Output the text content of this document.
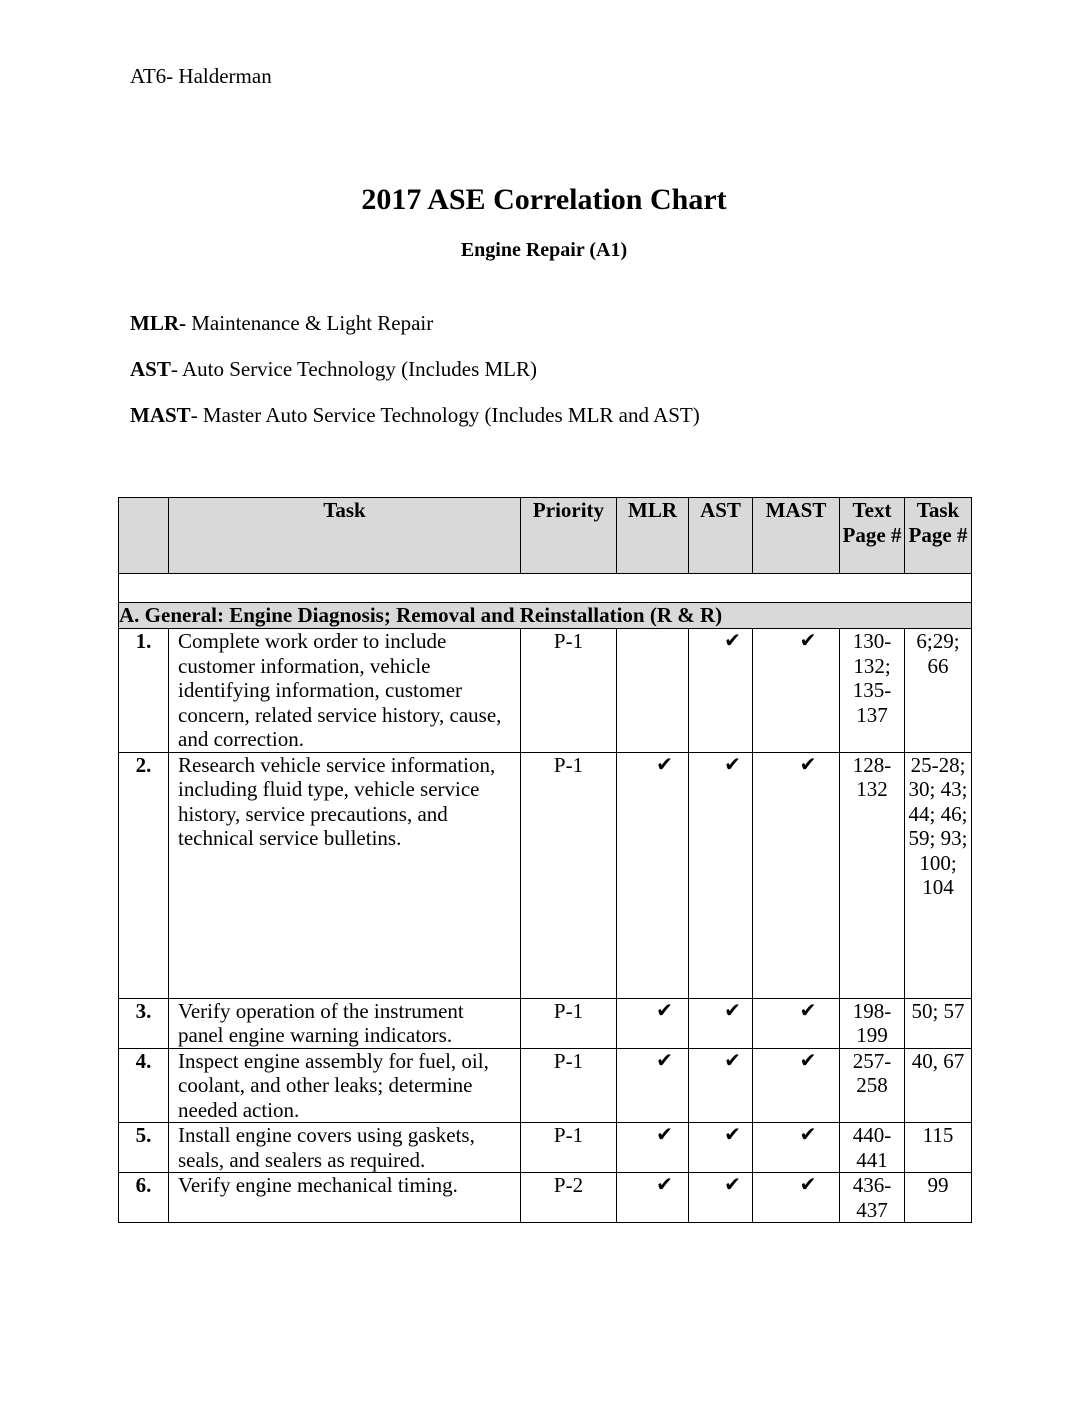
AT6- Halderman
2017 ASE Correlation Chart
Engine Repair (A1)
MLR- Maintenance & Light Repair
AST- Auto Service Technology (Includes MLR)
MAST- Master Auto Service Technology (Includes MLR and AST)
	Task	Priority	MLR	AST	MAST	Text Page #	Task Page #

A. General: Engine Diagnosis; Removal and Reinstallation (R & R)							
1.	Complete work order to include customer information, vehicle identifying information, customer concern, related service history, cause, and correction.	P-1		✔	✔	130-132; 135-137	6;29; 66
2.	Research vehicle service information, including fluid type, vehicle service history, service precautions, and technical service bulletins.	P-1	✔	✔	✔	128-132	25-28; 30; 43; 44; 46; 59; 93; 100; 104
3.	Verify operation of the instrument panel engine warning indicators.	P-1	✔	✔	✔	198-199	50; 57
4.	Inspect engine assembly for fuel, oil, coolant, and other leaks; determine needed action.	P-1	✔	✔	✔	257-258	40, 67
5.	Install engine covers using gaskets, seals, and sealers as required.	P-1	✔	✔	✔	440-441	115
6.	Verify engine mechanical timing.	P-2	✔	✔	✔	436-437	99
